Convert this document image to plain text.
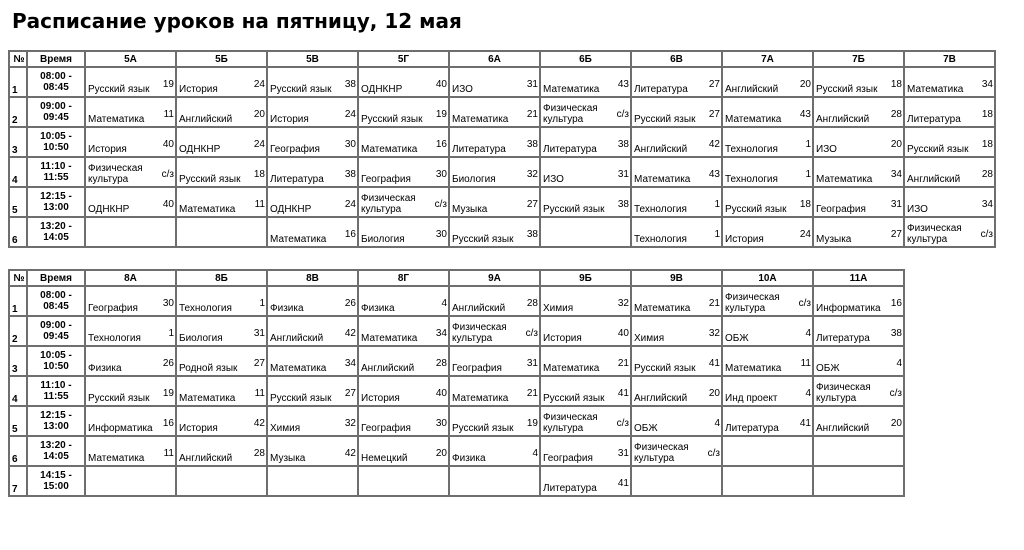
Расписание уроков на пятницу, 12 мая
№	Время	5А	5Б	5В	5Г	6А	6Б	6В	7А	7Б	7В
1	08:00 - 08:45	Русский язык 19	История 24	Русский язык 38	ОДНКНР 40	ИЗО 31	Математика 43	Литература 27	Английский 20	Русский язык 18	Математика 34

2	09:00 - 09:45	Математика 11	Английский 20	История 24	Русский язык 19	Математика 21	Физическая культура с/з	Русский язык 27	Математика 43	Английский 28	Литература 18

3	10:05 - 10:50	История 40	ОДНКНР 24	География 30	Математика 16	Литература 38	Литература 38	Английский 42	Технология 1	ИЗО 20	Русский язык 18

4	11:10 - 11:55	Физическая культура с/з	Русский язык 18	Литература 38	География 30	Биология 32	ИЗО 31	Математика 43	Технология 1	Математика 34	Английский 28

5	12:15 - 13:00	ОДНКНР 40	Математика 11	ОДНКНР 24	Физическая культура с/з	Музыка 27	Русский язык 38	Технология 1	Русский язык 18	География 31	ИЗО 34

6	13:20 - 14:05			Математика 16	Биология 30	Русский язык 38		Технология 1	История 24	Музыка 27	Физическая культура с/з
№	Время	8А	8Б	8В	8Г	9А	9Б	9В	10А	11А
1	08:00 - 08:45	География 30	Технология 1	Физика 26	Физика 4	Английский 28	Химия 32	Математика 21	Физическая культура с/з	Информатика 16

2	09:00 - 09:45	Технология 1	Биология 31	Английский 42	Математика 34	Физическая культура с/з	История 40	Химия 32	ОБЖ 4	Литература 38

3	10:05 - 10:50	Физика 26	Родной язык 27	Математика 34	Английский 28	География 31	Математика 21	Русский язык 41	Математика 11	ОБЖ 4

4	11:10 - 11:55	Русский язык 19	Математика 11	Русский язык 27	История 40	Математика 21	Русский язык 41	Английский 20	Инд проект 4	Физическая культура с/з

5	12:15 - 13:00	Информатика 16	История 42	Химия 32	География 30	Русский язык 19	Физическая культура с/з	ОБЖ 4	Литература 41	Английский 20

6	13:20 - 14:05	Математика 11	Английский 28	Музыка 42	Немецкий 20	Физика 4	География 31	Физическая культура с/з		

7	14:15 - 15:00						Литература 41			
